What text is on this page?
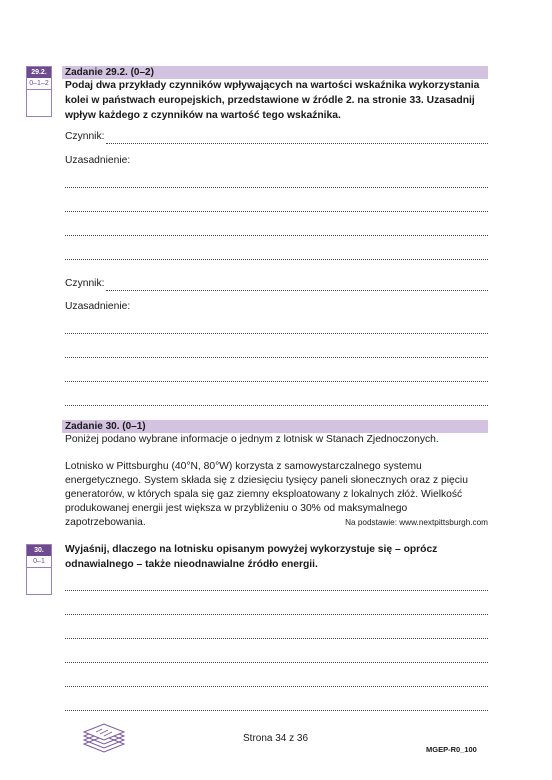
29.2.
0–1–2
Zadanie 29.2. (0–2)
Podaj dwa przykłady czynników wpływających na wartości wskaźnika wykorzystania kolei w państwach europejskich, przedstawione w źródle 2. na stronie 33. Uzasadnij wpływ każdego z czynników na wartość tego wskaźnika.
Czynnik:
Uzasadnienie:
Czynnik:
Uzasadnienie:
Zadanie 30. (0–1)
Poniżej podano wybrane informacje o jednym z lotnisk w Stanach Zjednoczonych.
Lotnisko w Pittsburghu (40°N, 80°W) korzysta z samowystarczalnego systemu energetycznego. System składa się z dziesięciu tysięcy paneli słonecznych oraz z pięciu generatorów, w których spala się gaz ziemny eksploatowany z lokalnych złóż. Wielkość produkowanej energii jest większa w przybliżeniu o 30% od maksymalnego zapotrzebowania.	Na podstawie: www.nextpittsburgh.com
30.
0–1
Wyjaśnij, dlaczego na lotnisku opisanym powyżej wykorzystuje się – oprócz odnawialnego – także nieodnawialne źródło energii.
Strona 34 z 36
MGEP-R0_100
